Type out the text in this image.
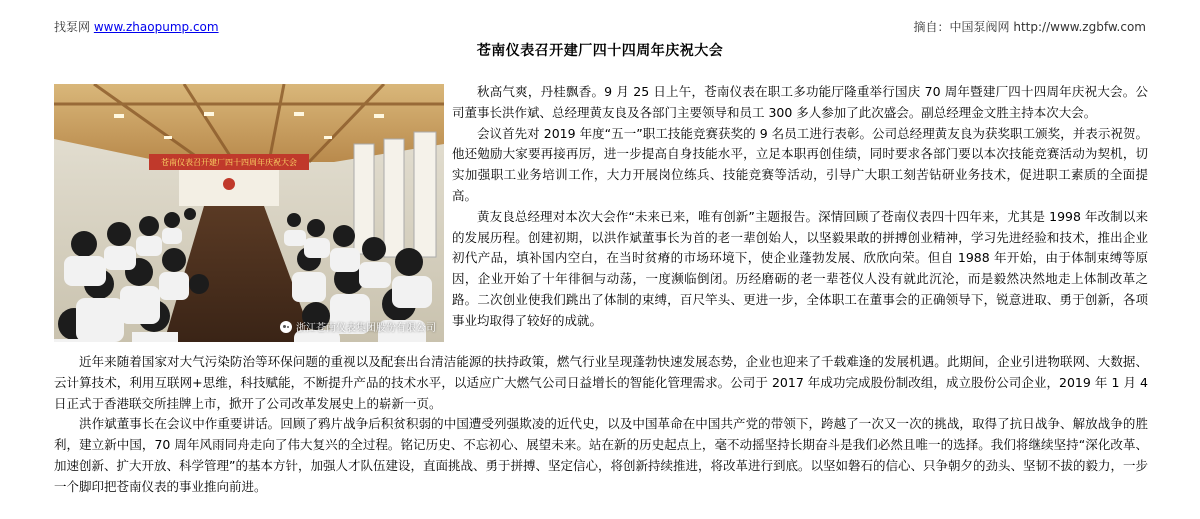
找泵网 www.zhaopump.com	摘自：中国泵阀网 http://www.zgbfw.com
苍南仪表召开建厂四十四周年庆祝大会
苍南仪表召开建厂四十四周年庆祝大会
浙江苍南仪表集团股份有限公司

秋高气爽，丹桂飘香。9 月 25 日上午，苍南仪表在职工多功能厅隆重举行国庆 70 周年暨建厂四十四周年庆祝大会。公司董事长洪作斌、总经理黄友良及各部门主要领导和员工 300 多人参加了此次盛会。副总经理金文胜主持本次大会。

会议首先对 2019 年度“五一”职工技能竞赛获奖的 9 名员工进行表彰。公司总经理黄友良为获奖职工颁奖，并表示祝贺。他还勉励大家要再接再厉，进一步提高自身技能水平，立足本职再创佳绩，同时要求各部门要以本次技能竞赛活动为契机，切实加强职工业务培训工作，大力开展岗位练兵、技能竞赛等活动，引导广大职工刻苦钻研业务技术，促进职工素质的全面提高。

黄友良总经理对本次大会作“未来已来，唯有创新”主题报告。深情回顾了苍南仪表四十四年来，尤其是 1998 年改制以来的发展历程。创建初期，以洪作斌董事长为首的老一辈创始人，以坚毅果敢的拼搏创业精神，学习先进经验和技术，推出企业初代产品，填补国内空白，在当时贫瘠的市场环境下，使企业蓬勃发展、欣欣向荣。但自 1988 年开始，由于体制束缚等原因，企业开始了十年徘徊与动荡，一度濒临倒闭。历经磨砺的老一辈苍仪人没有就此沉沦，而是毅然决然地走上体制改革之路。二次创业使我们跳出了体制的束缚，百尺竿头、更进一步，全体职工在董事会的正确领导下，锐意进取、勇于创新，各项事业均取得了较好的成就。

近年来随着国家对大气污染防治等环保问题的重视以及配套出台清洁能源的扶持政策，燃气行业呈现蓬勃快速发展态势，企业也迎来了千载难逢的发展机遇。此期间，企业引进物联网、大数据、云计算技术，利用互联网+思维，科技赋能，不断提升产品的技术水平，以适应广大燃气公司日益增长的智能化管理需求。公司于 2017 年成功完成股份制改组，成立股份公司企业，2019 年 1 月 4 日正式于香港联交所挂牌上市，掀开了公司改革发展史上的崭新一页。

洪作斌董事长在会议中作重要讲话。回顾了鸦片战争后积贫积弱的中国遭受列强欺凌的近代史，以及中国革命在中国共产党的带领下，跨越了一次又一次的挑战，取得了抗日战争、解放战争的胜利，建立新中国，70 周年风雨同舟走向了伟大复兴的全过程。铭记历史、不忘初心、展望未来。站在新的历史起点上，毫不动摇坚持长期奋斗是我们必然且唯一的选择。我们将继续坚持“深化改革、加速创新、扩大开放、科学管理”的基本方针，加强人才队伍建设，直面挑战、勇于拼搏、坚定信心，将创新持续推进，将改革进行到底。以坚如磐石的信心、只争朝夕的劲头、坚韧不拔的毅力，一步一个脚印把苍南仪表的事业推向前进。
